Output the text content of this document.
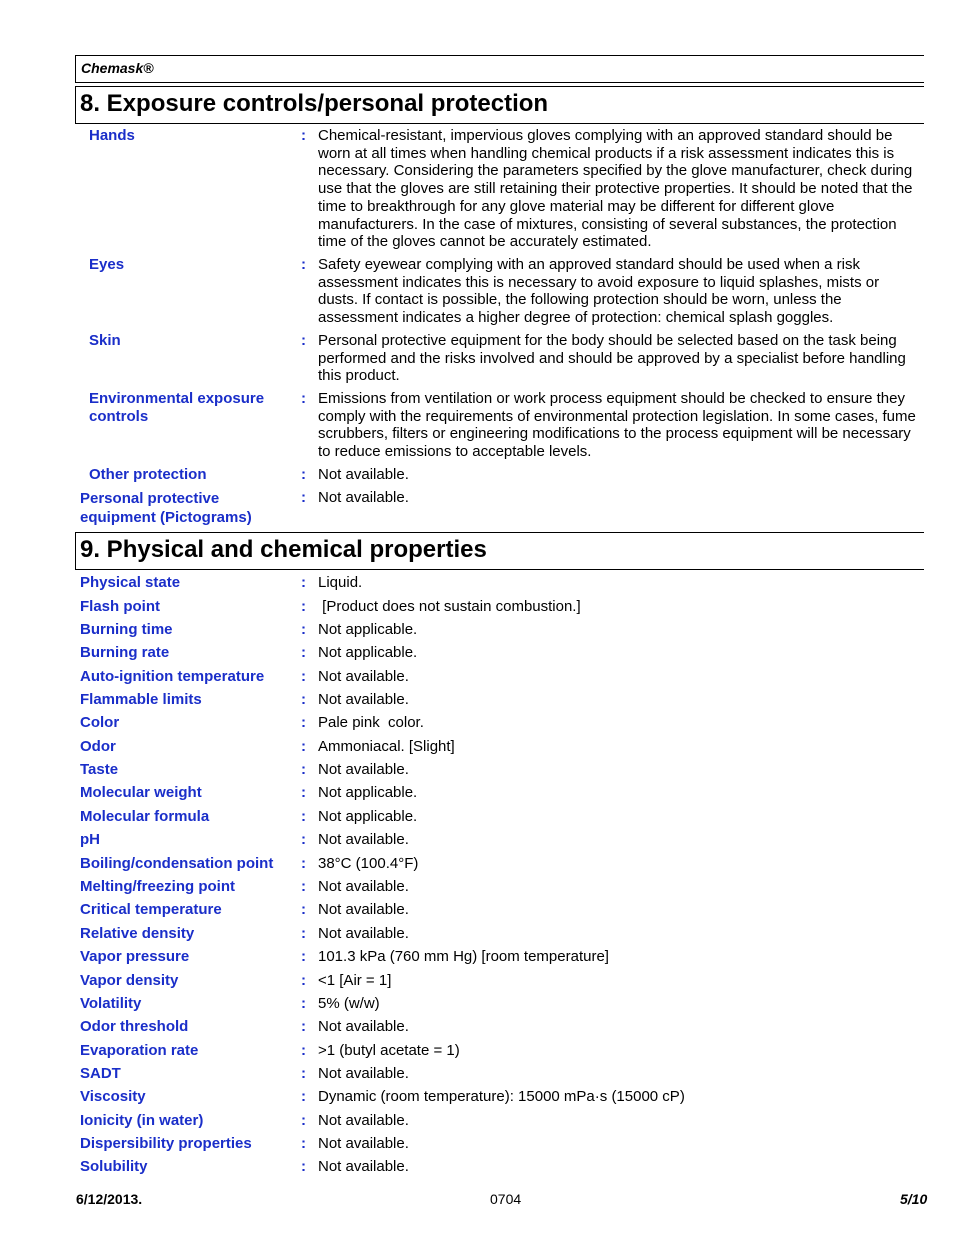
Chemask®
8. Exposure controls/personal protection
Hands	: Chemical-resistant, impervious gloves complying with an approved standard should be worn at all times when handling chemical products if a risk assessment indicates this is necessary. Considering the parameters specified by the glove manufacturer, check during use that the gloves are still retaining their protective properties. It should be noted that the time to breakthrough for any glove material may be different for different glove manufacturers. In the case of mixtures, consisting of several substances, the protection time of the gloves cannot be accurately estimated.
Eyes	: Safety eyewear complying with an approved standard should be used when a risk assessment indicates this is necessary to avoid exposure to liquid splashes, mists or dusts. If contact is possible, the following protection should be worn, unless the assessment indicates a higher degree of protection: chemical splash goggles.
Skin	: Personal protective equipment for the body should be selected based on the task being performed and the risks involved and should be approved by a specialist before handling this product.
Environmental exposure controls
: Emissions from ventilation or work process equipment should be checked to ensure they comply with the requirements of environmental protection legislation. In some cases, fume scrubbers, filters or engineering modifications to the process equipment will be necessary to reduce emissions to acceptable levels.
Other protection	: Not available.
Personal protective equipment (Pictograms)
: Not available.
9. Physical and chemical properties
Physical state	: Liquid.
Flash point	: [Product does not sustain combustion.]
Burning time	: Not applicable.
Burning rate	: Not applicable.
Auto-ignition temperature	: Not available.
Flammable limits	: Not available.
Color	: Pale pink  color.
Odor	: Ammoniacal. [Slight]
Taste	: Not available.
Molecular weight	: Not applicable.
Molecular formula	: Not applicable.
pH	: Not available.
Boiling/condensation point	: 38°C (100.4°F)
Melting/freezing point	: Not available.
Critical temperature	: Not available.
Relative density	: Not available.
Vapor pressure	: 101.3 kPa (760 mm Hg) [room temperature]
Vapor density	: <1 [Air = 1]
Volatility	: 5% (w/w)
Odor threshold	: Not available.
Evaporation rate	: >1 (butyl acetate = 1)
SADT	: Not available.
Viscosity	: Dynamic (room temperature): 15000 mPa·s (15000 cP)
Ionicity (in water)	: Not available.
Dispersibility properties	: Not available.
Solubility	: Not available.
6/12/2013.	0704	5/10
